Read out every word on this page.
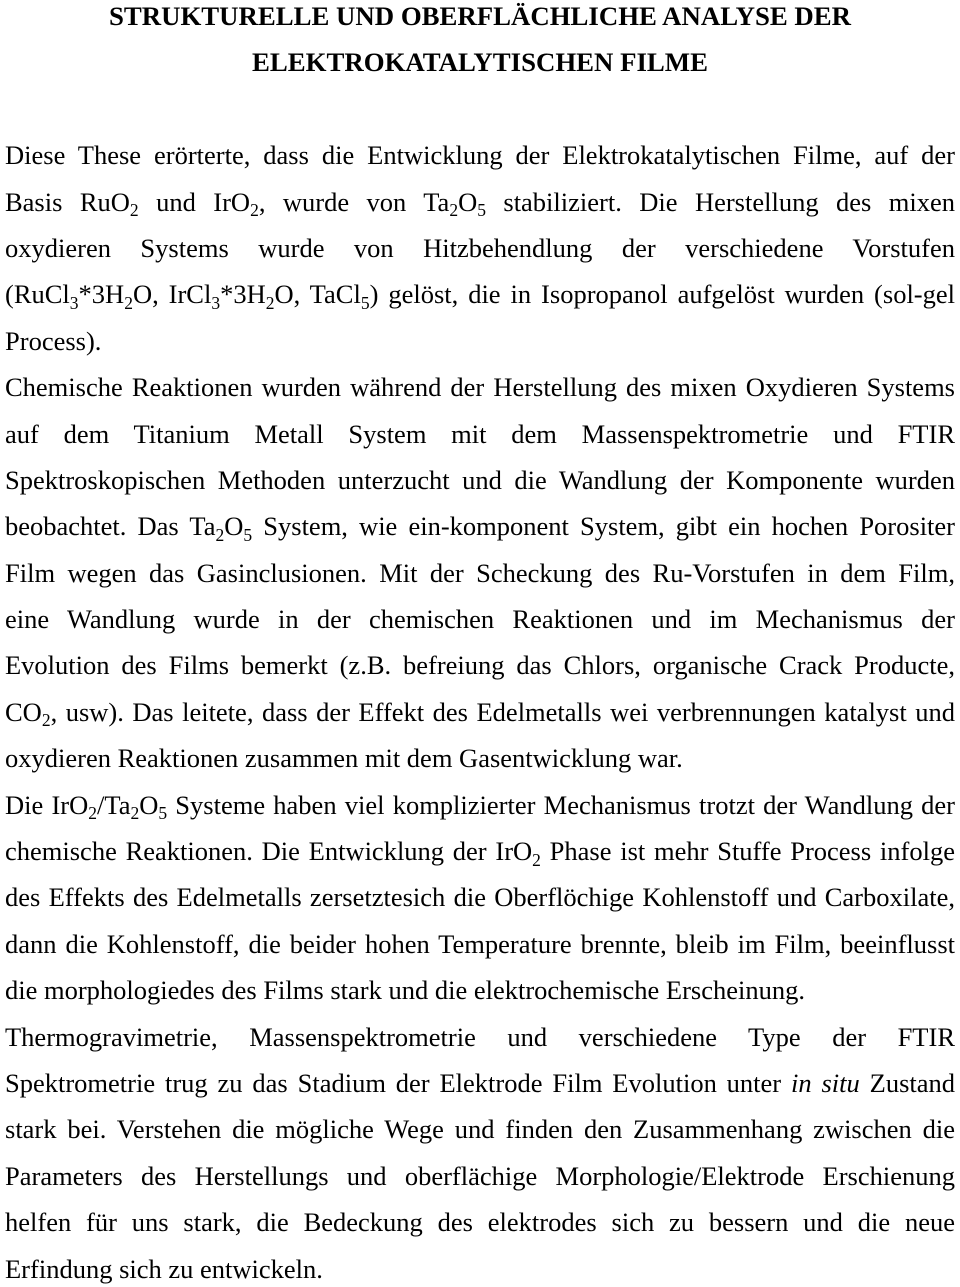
STRUKTURELLE UND OBERFLÄCHLICHE ANALYSE DER
ELEKTROKATALYTISCHEN FILME
Diese These erörterte, dass die Entwicklung der Elektrokatalytischen Filme, auf der
Basis RuO$_2$ und IrO$_2$, wurde von $Ta_2O_5$ stabiliziert. Die Herstellung des mixen
oxydieren Systems wurde von Hitzbehendlung der verschiedene Vorstufen
($RuCl_3*3H_2O$, $IrCl_3*3H_2O$, TaCl$_5$) gelöst, die in Isopropanol aufgelöst wurden (sol-gel
Process).
Chemische Reaktionen wurden während der Herstellung des mixen Oxydieren Systems
auf dem Titanium Metall System mit dem Massenspektrometrie und FTIR
Spektroskopischen Methoden unterzucht und die Wandlung der Komponente wurden
beobachtet. Das $Ta_2O_5$ System, wie ein-komponent System, gibt ein hochen Porositer
Film wegen das Gasinclusionen. Mit der Scheckung des Ru-Vorstufen in dem Film,
eine Wandlung wurde in der chemischen Reaktionen und im Mechanismus der
Evolution des Films bemerkt (z.B. befreiung das Chlors, organische Crack Producte,
$CO_2$, usw). Das leitete, dass der Effekt des Edelmetalls wei verbrennungen katalyst und
oxydieren Reaktionen zusammen mit dem Gasentwicklung war.
Die $IrO_2/Ta_2O_5$ Systeme haben viel komplizierter Mechanismus trotzt der Wandlung der
chemische Reaktionen. Die Entwicklung der IrO$_2$ Phase ist mehr Stuffe Process infolge
des Effekts des Edelmetalls zersetztesich die Oberflöchige Kohlenstoff und Carboxilate,
dann die Kohlenstoff, die beider hohen Temperature brennte, bleib im Film, beeinflusst
die morphologiedes des Films stark und die elektrochemische Erscheinung.
Thermogravimetrie, Massenspektrometrie und verschiedene Type der FTIR
Spektrometrie trug zu das Stadium der Elektrode Film Evolution unter in situ Zustand
stark bei. Verstehen die mögliche Wege und finden den Zusammenhang zwischen die
Parameters des Herstellungs und oberflächige Morphologie/Elektrode Erschienung
helfen für uns stark, die Bedeckung des elektrodes sich zu bessern und die neue
Erfindung sich zu entwickeln.
